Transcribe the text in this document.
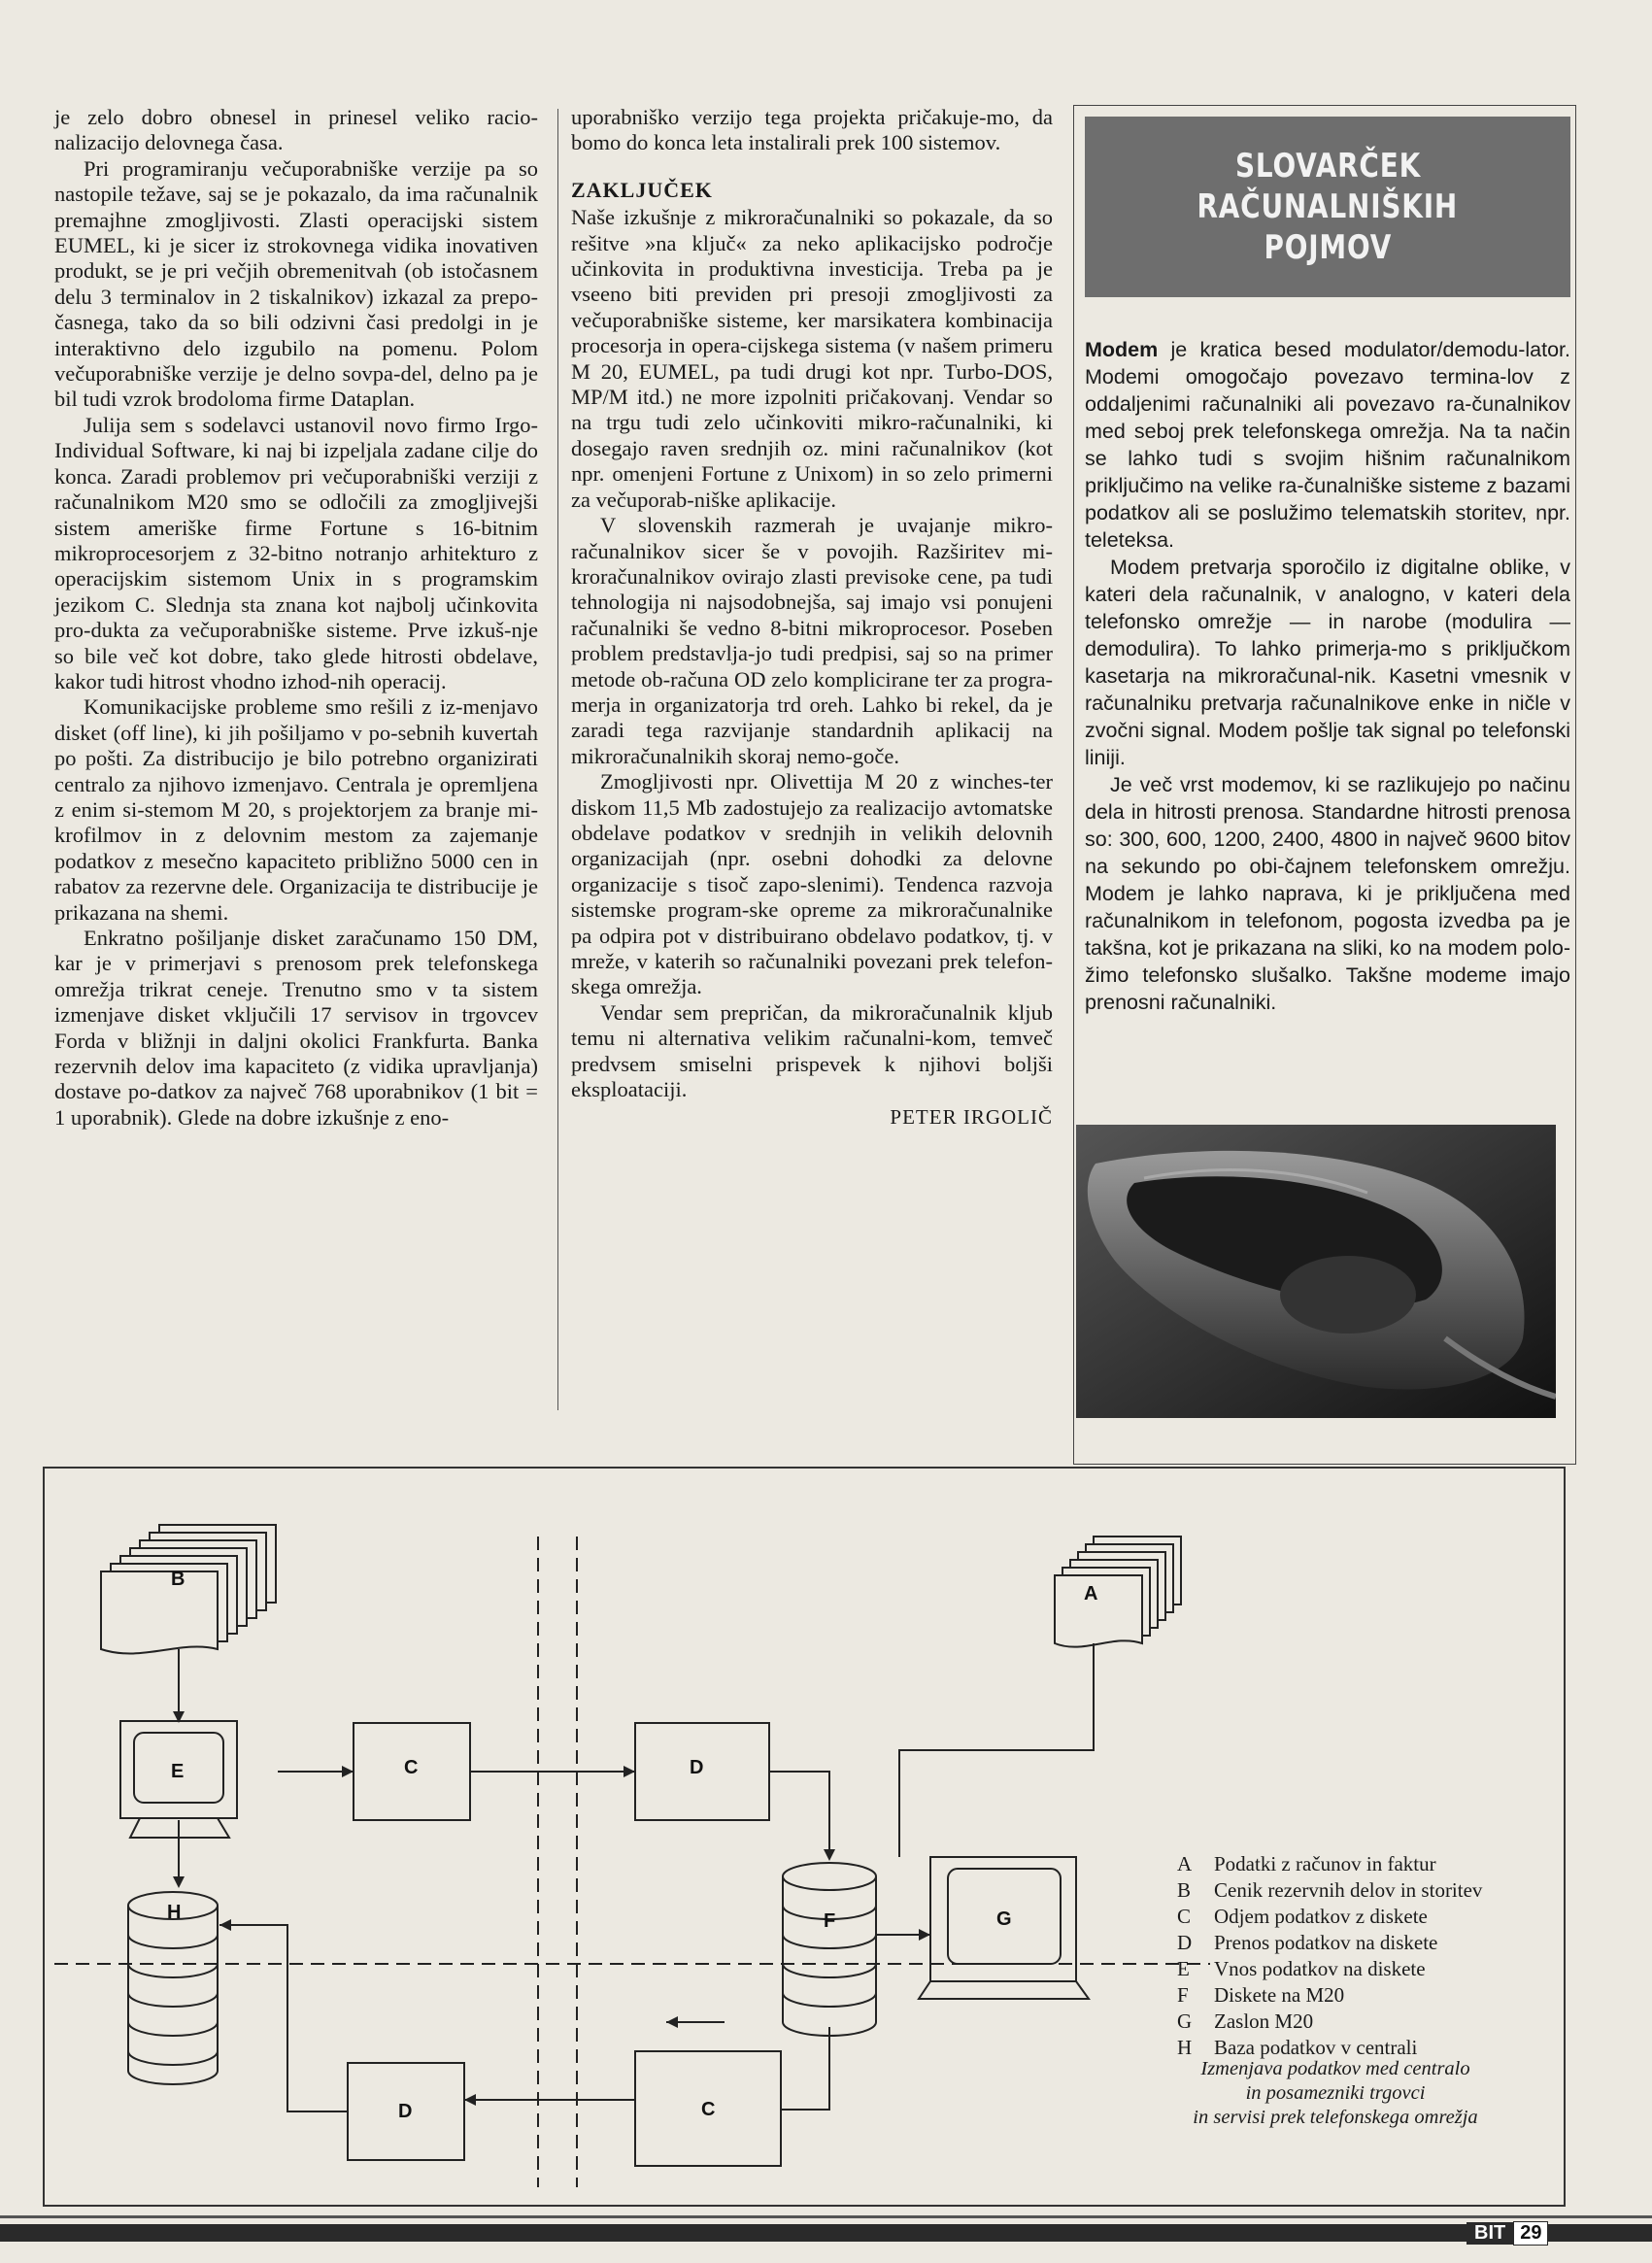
je zelo dobro obnesel in prinesel veliko racio-nalizacijo delovnega časa.

Pri programiranju večuporabniške verzije pa so nastopile težave, saj se je pokazalo, da ima računalnik premajhne zmogljivosti. Zlasti operacijski sistem EUMEL, ki je sicer iz strokovnega vidika inovativen produkt, se je pri večjih obremenitvah (ob istočasnem delu 3 terminalov in 2 tiskalnikov) izkazal za prepo-časnega, tako da so bili odzivni časi predolgi in je interaktivno delo izgubilo na pomenu. Polom večuporabniške verzije je delno sovpa-del, delno pa je bil tudi vzrok brodoloma firme Dataplan.

Julija sem s sodelavci ustanovil novo firmo Irgo-Individual Software, ki naj bi izpeljala zadane cilje do konca. Zaradi problemov pri večuporabniški verziji z računalnikom M20 smo se odločili za zmogljivejši sistem ameriške firme Fortune s 16-bitnim mikroprocesorjem z 32-bitno notranjo arhitekturo z operacijskim sistemom Unix in s programskim jezikom C. Slednja sta znana kot najbolj učinkovita pro-dukta za večuporabniške sisteme. Prve izkuš-nje so bile več kot dobre, tako glede hitrosti obdelave, kakor tudi hitrost vhodno izhod-nih operacij.

Komunikacijske probleme smo rešili z iz-menjavo disket (off line), ki jih pošiljamo v po-sebnih kuvertah po pošti. Za distribucijo je bilo potrebno organizirati centralo za njihovo izmenjavo. Centrala je opremljena z enim si-stemom M 20, s projektorjem za branje mi-krofilmov in z delovnim mestom za zajemanje podatkov z mesečno kapaciteto približno 5000 cen in rabatov za rezervne dele. Organizacija te distribucije je prikazana na shemi.

Enkratno pošiljanje disket zaračunamo 150 DM, kar je v primerjavi s prenosom prek telefonskega omrežja trikrat ceneje. Trenutno smo v ta sistem izmenjave disket vključili 17 servisov in trgovcev Forda v bližnji in daljni okolici Frankfurta. Banka rezervnih delov ima kapaciteto (z vidika upravljanja) dostave po-datkov za največ 768 uporabnikov (1 bit = 1 uporabnik). Glede na dobre izkušnje z eno-

uporabniško verzijo tega projekta pričakuje-mo, da bomo do konca leta instalirali prek 100 sistemov.

ZAKLJUČEK

Naše izkušnje z mikroračunalniki so pokazale, da so rešitve »na ključ« za neko aplikacijsko področje učinkovita in produktivna investicija. Treba pa je vseeno biti previden pri presoji zmogljivosti za večuporabniške sisteme, ker marsikatera kombinacija procesorja in opera-cijskega sistema (v našem primeru M 20, EUMEL, pa tudi drugi kot npr. Turbo-DOS, MP/M itd.) ne more izpolniti pričakovanj. Vendar so na trgu tudi zelo učinkoviti mikro-računalniki, ki dosegajo raven srednjih oz. mini računalnikov (kot npr. omenjeni Fortune z Unixom) in so zelo primerni za večuporab-niške aplikacije.

V slovenskih razmerah je uvajanje mikro-računalnikov sicer še v povojih. Razširitev mi-kroračunalnikov ovirajo zlasti previsoke cene, pa tudi tehnologija ni najsodobnejša, saj imajo vsi ponujeni računalniki še vedno 8-bitni mikroprocesor. Poseben problem predstavlja-jo tudi predpisi, saj so na primer metode ob-računa OD zelo komplicirane ter za progra-merja in organizatorja trd oreh. Lahko bi rekel, da je zaradi tega razvijanje standardnih aplikacij na mikroračunalnikih skoraj nemo-goče.

Zmogljivosti npr. Olivettija M 20 z winches-ter diskom 11,5 Mb zadostujejo za realizacijo avtomatske obdelave podatkov v srednjih in velikih delovnih organizacijah (npr. osebni dohodki za delovne organizacije s tisoč zapo-slenimi). Tendenca razvoja sistemske program-ske opreme za mikroračunalnike pa odpira pot v distribuirano obdelavo podatkov, tj. v mreže, v katerih so računalniki povezani prek telefon-skega omrežja.

Vendar sem prepričan, da mikroračunalnik kljub temu ni alternativa velikim računalni-kom, temveč predvsem smiselni prispevek k njihovi boljši eksploataciji.

PETER IRGOLIČ
SLOVARČEK
RAČUNALNIŠKIH
POJMOV

Modem je kratica besed modulator/demodu-lator. Modemi omogočajo povezavo termina-lov z oddaljenimi računalniki ali povezavo ra-čunalnikov med seboj prek telefonskega omrežja. Na ta način se lahko tudi s svojim hišnim računalnikom priključimo na velike ra-čunalniške sisteme z bazami podatkov ali se poslužimo telematskih storitev, npr. teleteksa.

Modem pretvarja sporočilo iz digitalne oblike, v kateri dela računalnik, v analogno, v kateri dela telefonsko omrežje — in narobe (modulira — demodulira). To lahko primerja-mo s priključkom kasetarja na mikroračunal-nik. Kasetni vmesnik v računalniku pretvarja računalnikove enke in ničle v zvočni signal. Modem pošlje tak signal po telefonski liniji.

Je več vrst modemov, ki se razlikujejo po načinu dela in hitrosti prenosa. Standardne hitrosti prenosa so: 300, 600, 1200, 2400, 4800 in največ 9600 bitov na sekundo po obi-čajnem telefonskem omrežju. Modem je lahko naprava, ki je priključena med računalnikom in telefonom, pogosta izvedba pa je takšna, kot je prikazana na sliki, ko na modem polo-žimo telefonsko slušalko. Takšne modeme imajo prenosni računalniki.

B
E	C	D
F	G
A
H
D	C
A	Podatki z računov in faktur
B	Cenik rezervnih delov in storitev
C	Odjem podatkov z diskete
D	Prenos podatkov na diskete
E	Vnos podatkov na diskete
F	Diskete na M20
G	Zaslon M20
H	Baza podatkov v centrali
Izmenjava podatkov med centralo
in posamezniki trgovci
in servisi prek telefonskega omrežja
BIT 29
